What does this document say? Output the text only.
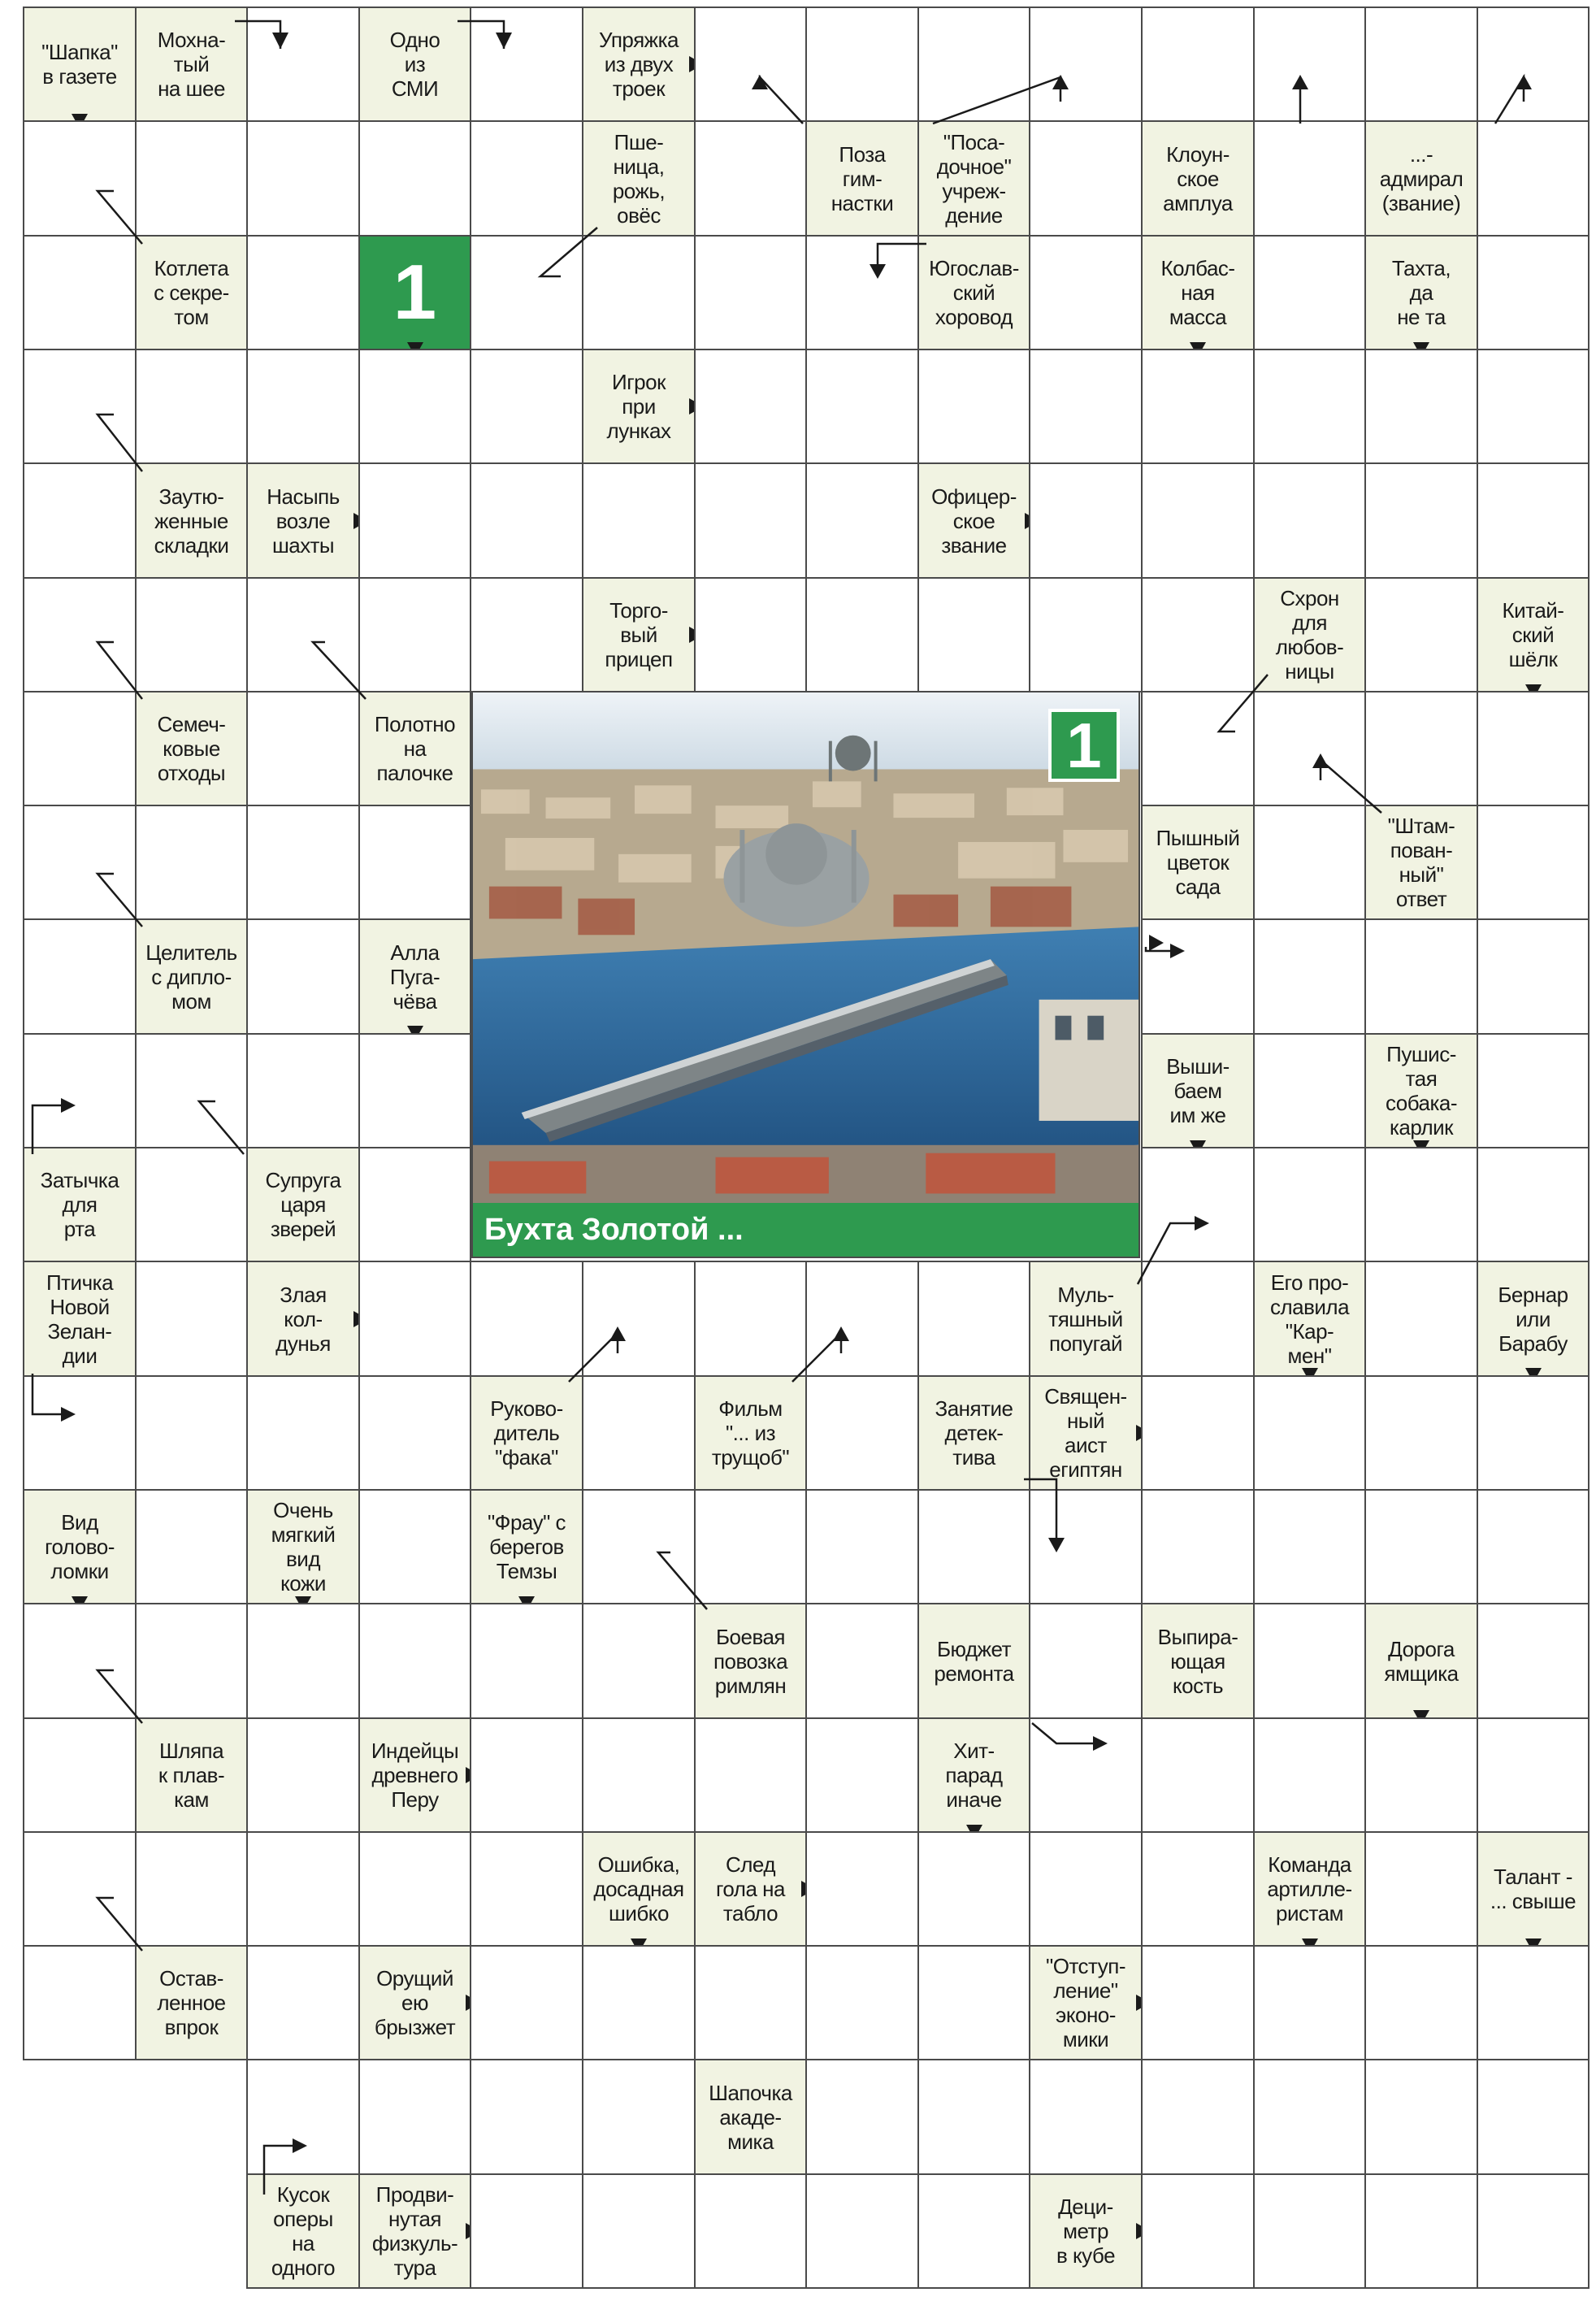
"Шапка"
в газете
Мохна-
тый
на шее
Одно
из
СМИ
Упряжка
из двух
троек
Пше-
ница,
рожь,
овёс
Поза
гим-
настки
"Поса-
дочное"
учреж-
дение
Клоун-
ское
амплуа
...-
адмирал
(звание)
Котлета
с секре-
том	1	Югослав-
ский
хоровод
Колбас-
ная
масса
Тахта,
да
не та
Игрок
при
лунках
Заутю-
женные
складки
Насыпь
возле
шахты
Офицер-
ское
звание
Торго-
вый
прицеп
Схрон
для
любов-
ницы
Китай-
ский
шёлк
Семеч-
ковые
отходы
Полотно
на
палочке
Пышный
цветок
сада
"Штам-
пован-
ный"
ответ
Целитель
с дипло-
мом
Алла
Пуга-
чёва
Выши-
баем
им же
Пушис-
тая
собака-
карлик
Затычка
для
рта
Супруга
царя
зверей
Птичка
Новой
Зелан-
дии
Злая
кол-
дунья
Муль-
тяшный
попугай
Его про-
славила
"Кар-
мен"
Бернар
или
Барабу
Руково-
дитель
"фака"
Фильм
"... из
трущоб"
Занятие
детек-
тива
Священ-
ный
аист
египтян
Вид
голово-
ломки
Очень
мягкий
вид
кожи
"Фрау" с
берегов
Темзы
Боевая
повозка
римлян
Бюджет
ремонта
Выпира-
ющая
кость
Дорога
ямщика
Шляпа
к плав-
кам
Индейцы
древнего
Перу
Хит-
парад
иначе
Ошибка,
досадная
шибко
След
гола на
табло
Команда
артилле-
ристам
Талант -
... свыше
Остав-
ленное
впрок
Орущий
ею
брызжет
"Отступ-
ление"
эконо-
мики
Шапочка
акаде-
мика
Кусок
оперы
на
одного
Продви-
нутая
физкуль-
тура
Деци-
метр
в кубе
1
Бухта Золотой ...
